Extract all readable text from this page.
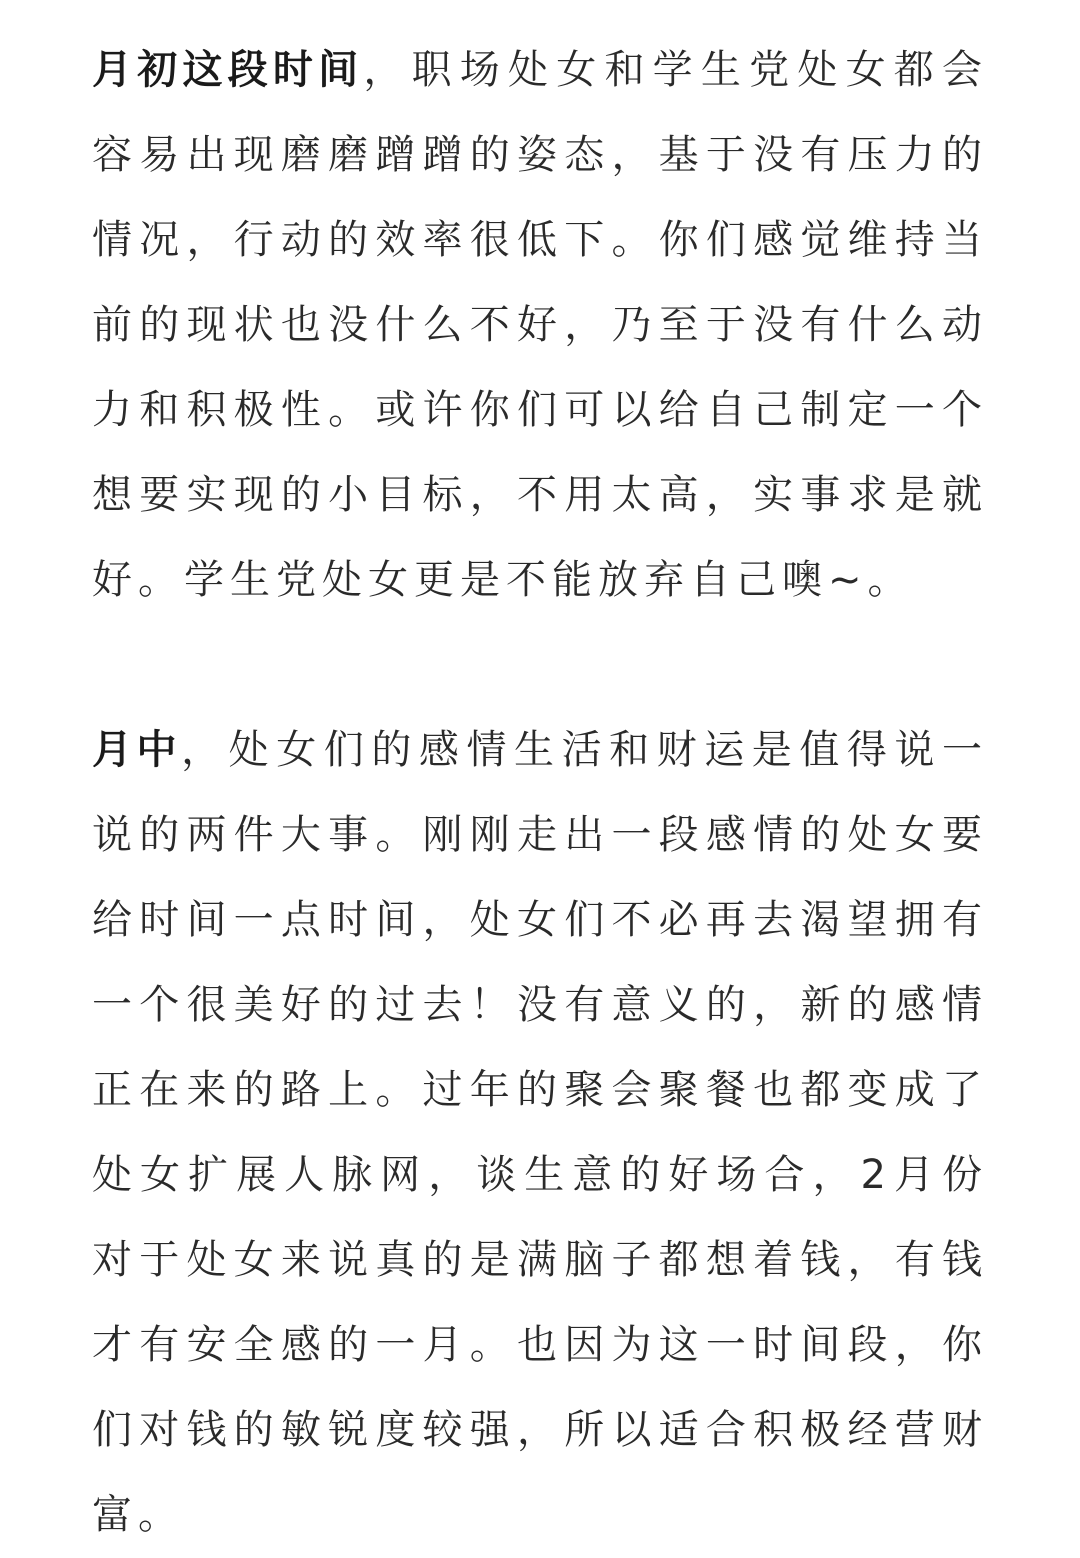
月初这段时间，职场处女和学生党处女都会容易出现磨磨蹭蹭的姿态，基于没有压力的情况，行动的效率很低下。你们感觉维持当前的现状也没什么不好，乃至于没有什么动力和积极性。或许你们可以给自己制定一个想要实现的小目标，不用太高，实事求是就好。学生党处女更是不能放弃自己噢~。

月中，处女们的感情生活和财运是值得说一说的两件大事。刚刚走出一段感情的处女要给时间一点时间，处女们不必再去渴望拥有一个很美好的过去！没有意义的，新的感情正在来的路上。过年的聚会聚餐也都变成了处女扩展人脉网，谈生意的好场合，2月份对于处女来说真的是满脑子都想着钱，有钱才有安全感的一月。也因为这一时间段，你们对钱的敏锐度较强，所以适合积极经营财富。
